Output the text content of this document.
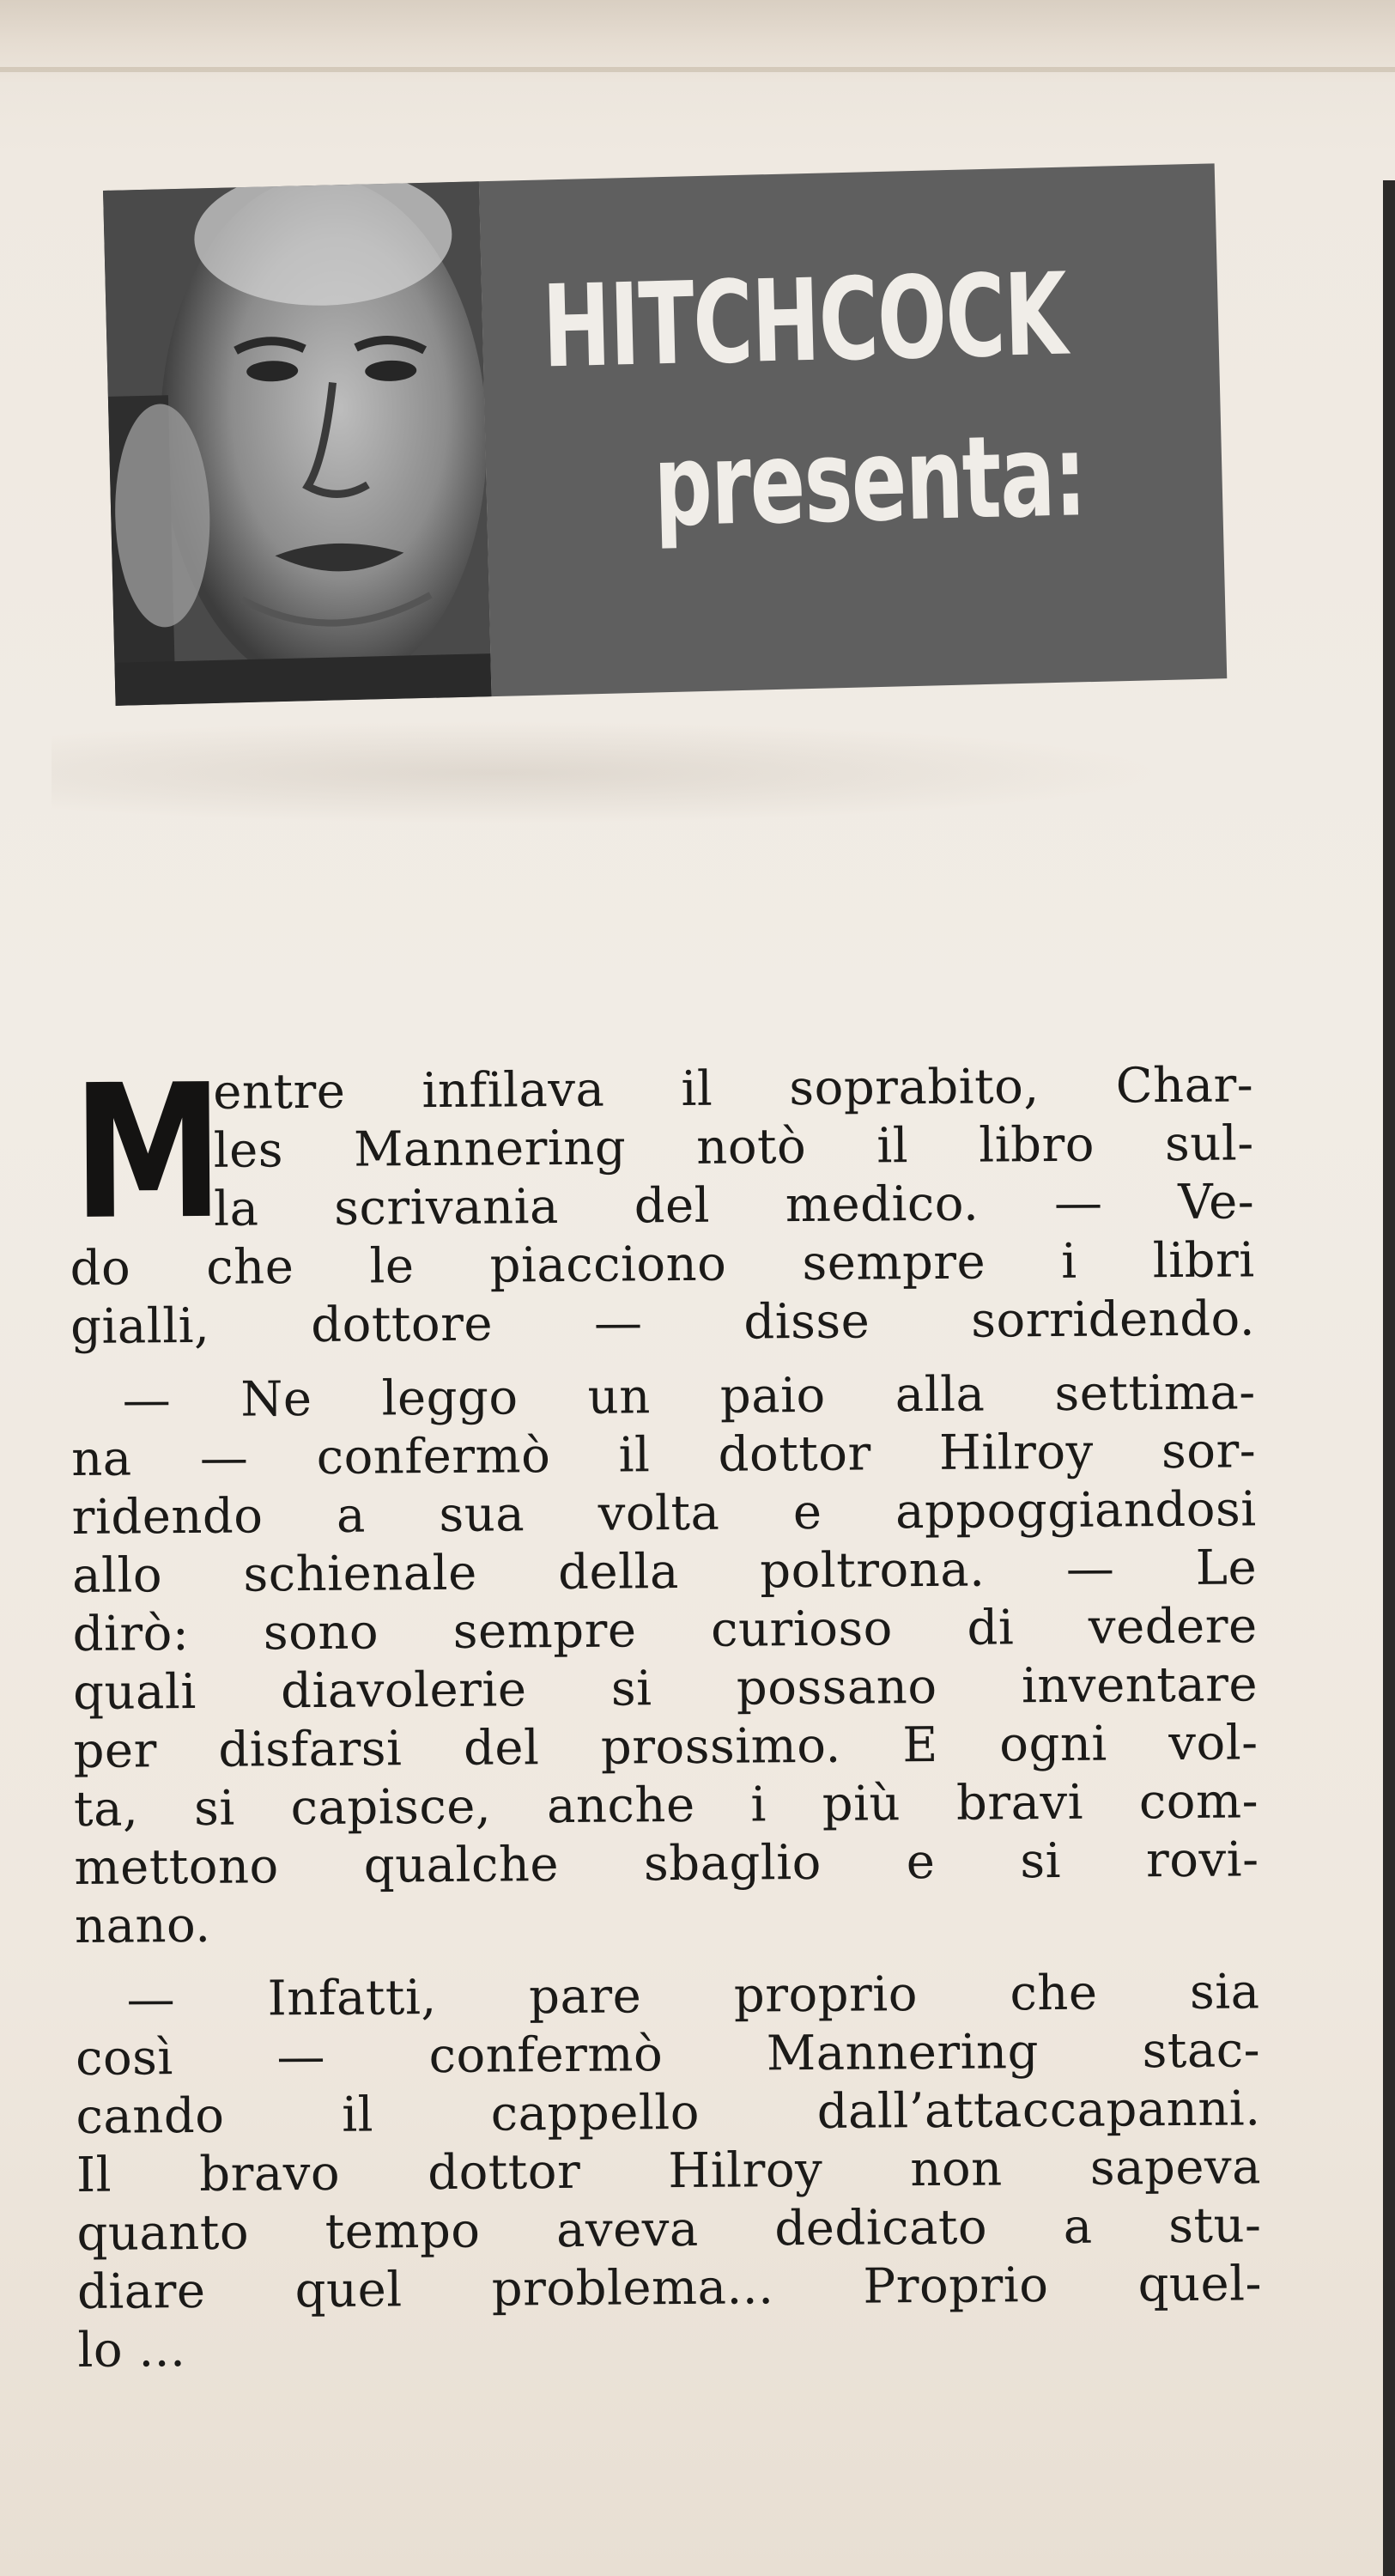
HITCHCOCK
presenta:
M
entre infilava il soprabito, Char-
les Mannering notò il libro sul-
la scrivania del medico. — Ve-
do che le piacciono sempre i libri
gialli, dottore — disse sorridendo.
— Ne leggo un paio alla settima-
na — confermò il dottor Hilroy sor-
ridendo a sua volta e appoggiandosi
allo schienale della poltrona. — Le
dirò: sono sempre curioso di vedere
quali diavolerie si possano inventare
per disfarsi del prossimo. E ogni vol-
ta, si capisce, anche i più bravi com-
mettono qualche sbaglio e si rovi-
nano.
— Infatti, pare proprio che sia
così — confermò Mannering stac-
cando il cappello dall’attaccapanni.
Il bravo dottor Hilroy non sapeva
quanto tempo aveva dedicato a stu-
diare quel problema... Proprio quel-
lo ...
